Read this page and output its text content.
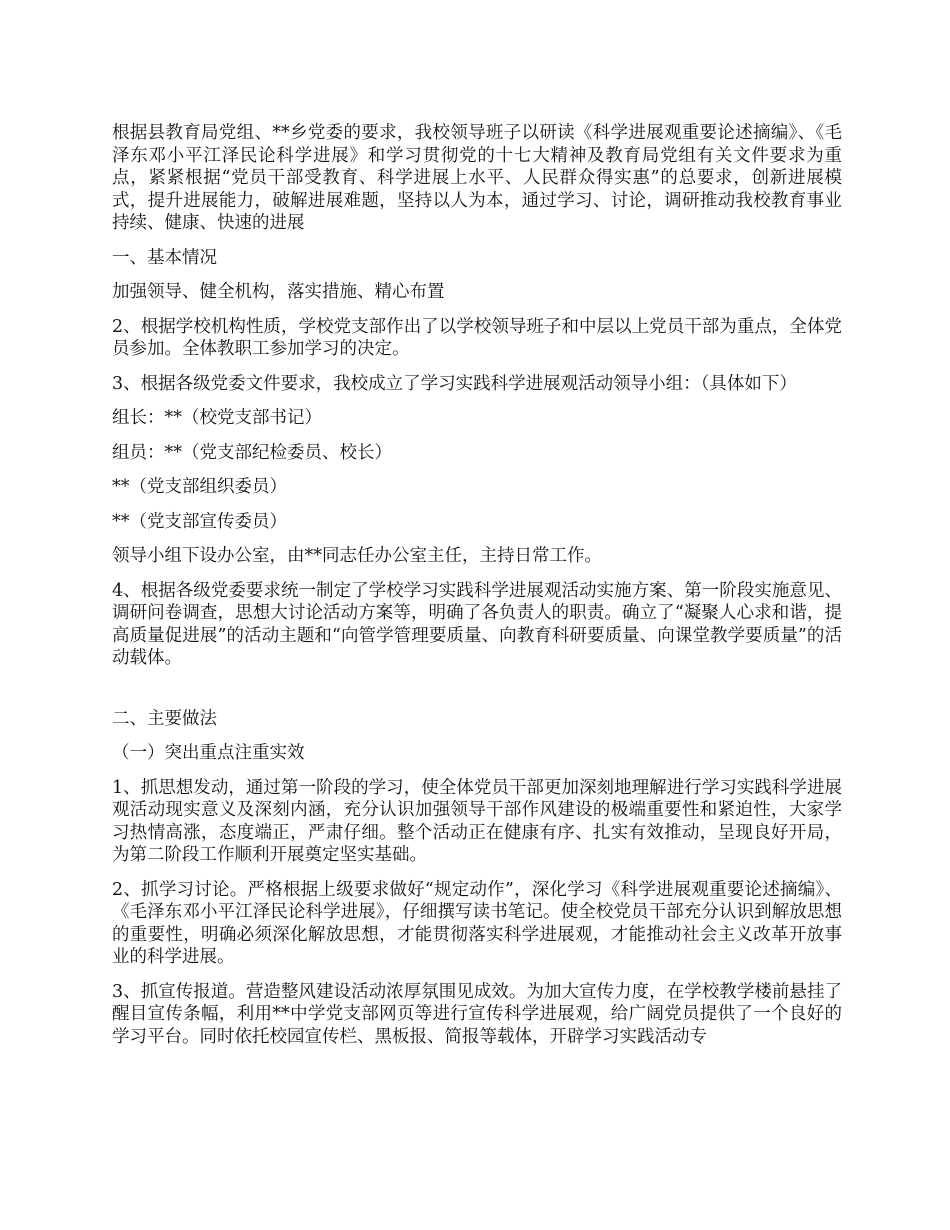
根据县教育局党组、**乡党委的要求，我校领导班子以研读《科学进展观重要论述摘编》、《毛泽东邓小平江泽民论科学进展》和学习贯彻党的十七大精神及教育局党组有关文件要求为重点，紧紧根据“党员干部受教育、科学进展上水平、人民群众得实惠”的总要求，创新进展模式，提升进展能力，破解进展难题，坚持以人为本，通过学习、讨论，调研推动我校教育事业持续、健康、快速的进展

一、基本情况

加强领导、健全机构，落实措施、精心布置

2、根据学校机构性质，学校党支部作出了以学校领导班子和中层以上党员干部为重点，全体党员参加。全体教职工参加学习的决定。

3、根据各级党委文件要求，我校成立了学习实践科学进展观活动领导小组：（具体如下）

组长：**（校党支部书记）

组员：**（党支部纪检委员、校长）

**（党支部组织委员）

**（党支部宣传委员）

领导小组下设办公室，由**同志任办公室主任，主持日常工作。

4、根据各级党委要求统一制定了学校学习实践科学进展观活动实施方案、第一阶段实施意见、调研问卷调查，思想大讨论活动方案等，明确了各负责人的职责。确立了“凝聚人心求和谐，提高质量促进展”的活动主题和“向管学管理要质量、向教育科研要质量、向课堂教学要质量”的活动载体。

二、主要做法

（一）突出重点注重实效

1、抓思想发动，通过第一阶段的学习，使全体党员干部更加深刻地理解进行学习实践科学进展观活动现实意义及深刻内涵，充分认识加强领导干部作风建设的极端重要性和紧迫性，大家学习热情高涨，态度端正，严肃仔细。整个活动正在健康有序、扎实有效推动，呈现良好开局，为第二阶段工作顺利开展奠定坚实基础。

2、抓学习讨论。严格根据上级要求做好“规定动作”，深化学习《科学进展观重要论述摘编》、《毛泽东邓小平江泽民论科学进展》，仔细撰写读书笔记。使全校党员干部充分认识到解放思想的重要性，明确必须深化解放思想，才能贯彻落实科学进展观，才能推动社会主义改革开放事业的科学进展。

3、抓宣传报道。营造整风建设活动浓厚氛围见成效。为加大宣传力度，在学校教学楼前悬挂了醒目宣传条幅，利用**中学党支部网页等进行宣传科学进展观，给广阔党员提供了一个良好的学习平台。同时依托校园宣传栏、黑板报、简报等载体，开辟学习实践活动专
